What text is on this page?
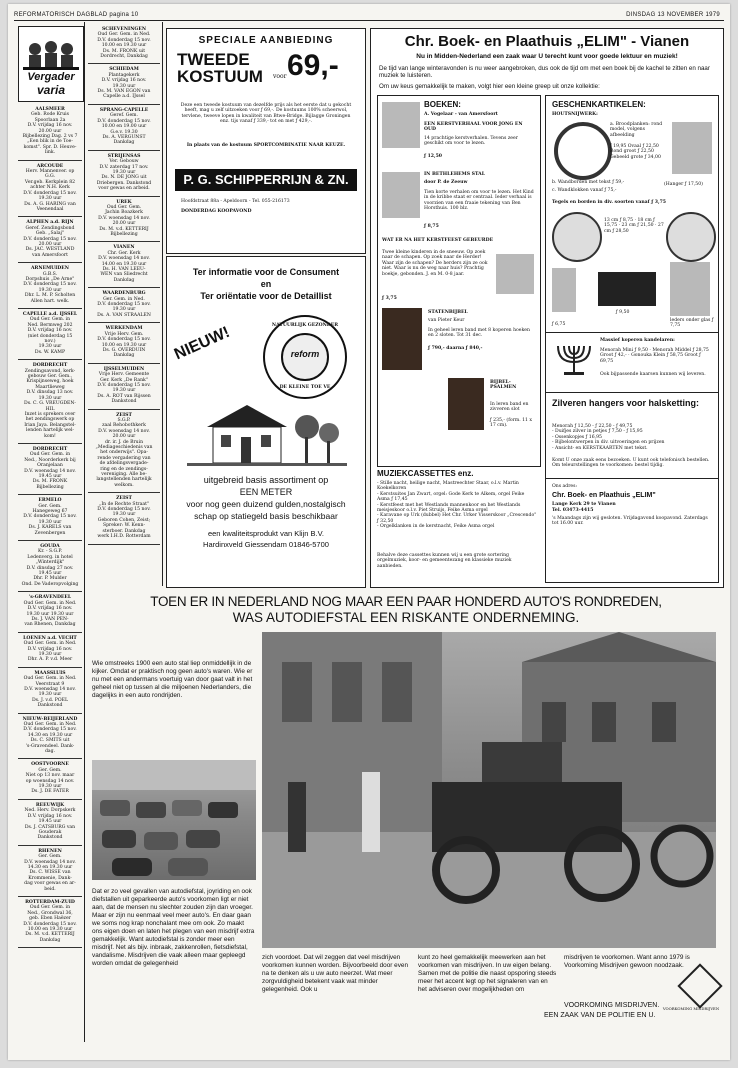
REFORMATORISCH DAGBLAD pagina 10	DINSDAG 13 NOVEMBER 1979
Vergader
varia
AALSMEER
Geb. Rode Kruis
Spoorlaan 2a
D.V. vrijdag 16 nov.
20.00 uur
Bijbellezing Dag. 2 vs 7
„Een blik in de Toe-
komst". Spr. D. Heuve-
link.
ARCOUDE
Herv. Mannenver. op
G.G.
Ver.geb. Kerkplein 82
achter N.H. Kerk
D.V. donderdag 15 nov.
19.30 uur
Ds. A. G. HARING van
Veenendaal
ALPHEN a.d. RIJN
Geref. Zendingsbond
Geb. „Salaj"
D.V. donderdag 15 nov.
20.00 uur
Ds. JAC. WESTLAND
van Amersfoort
ARNEMUIDEN
G.B.S.
Dorpshuis „De Arne"
D.V. donderdag 15 nov.
19.30 uur
Dhr. L. M. P. Scholten
Allen hart. welk.
CAPELLE a.d. IJSSEL
Oud Ger. Gem. in
Ned. Bermweg 202
D.V. vrijdag 16 nov.
(niet donderdag 15
nov.)
19.30 uur
Ds. W. KAMP
DORDRECHT
Zendingsavond, kerk-
gebouw Ger. Gem.,
Krispijnseweg, hoek
Maartlieweg
D.V. dinsdag 13 nov.
19.30 uur
Ds. C. G. VREUGDEN-
HIL
Inzet is sprekers over
het zendingswerk op
Irian Jaya. Belangstel-
lenden hartelijk wel-
kom!
DORDRECHT
Oud Ger. Gem. in
Ned., Noorderkerk bij
Oranjelaan
D.V. woensdag 14 nov.
19.45 uur
Ds. M. FRONK
Bijbellezing
ERMELO
Ger. Gem.
Hanegeweg 67
D.V. donderdag 15 nov.
19.30 uur
Ds. J. KARELS van
Zevenbergen
GOUDA
Kr. - S.G.P.
Ledenverg. in hotel
„Winterdijk"
D.V. dinsdag 27 nov.
19.45 uur
Dhr. P. Mulder
Ond. De Vaderopvolging
's-GRAVENDEEL
Oud Ger. Gem. in Ned.
D.V. vrijdag 16 nov.
19.30 uur 19.30 uur
Ds. J. VAN PEN-
van Rhenen, Dankdag
LOENEN a.d. VECHT
Oud Ger. Gem. in Ned.
D.V. vrijdag 16 nov.
19.30 uur
Dhr. A. P. v.d. Meer
MAASSLUIS
Oud Ger. Gem. in Ned.
Veerstraat 9
D.V. woensdag 14 nov.
19.30 uur
Ds. J. v.d. POEL
Dankstond
NIEUW-BEIJERLAND
Oud Ger. Gem. in Ned.
D.V. donderdag 15 nov.
14.30 en 19.30 uur
Ds. C. SMITS uit
's-Gravendeel. Dank-
dag.
OOSTVOORNE
Ger. Gem.
Niet op 13 nov. maar
op woensdag 14 nov.
19.30 uur
Ds. J. DE FATER
REEUWIJK
Ned. Herv. Dorpskerk
D.V. vrijdag 16 nov.
19.45 uur
Ds. J. CATSBURG van
Gouderak
Dankstond
RHENEN
Ger. Gem.
D.V. woensdag 14 nov.
14.30 en 19.30 uur
Ds. C. WISSE van
Krommenie, Dank-
dag voor gewas en ar-
beid.
ROTTERDAM-ZUID
Oud Ger. Gem. in
Ned., Grondwal 36,
geb. Eben Haëzer
D.V. donderdag 15 nov.
10.00 en 19.30 uur
Ds. M. v.d. KETTERIJ
Dankdag
SCHEVENINGEN
Oud Ger. Gem. in Ned.
D.V. donderdag 15 nov.
10.00 en 19.30 uur
Ds. M. FRONK uit
Dordrecht, Dankdag
SCHIEDAM
Plantagekerk
D.V. vrijdag 16 nov.
19.30 uur
Ds. M. VAN EGON van
Capelle a.d. IJssel
SPRANG-CAPELLE
Geref. Gem.
D.V. donderdag 15 nov.
10.00 en 19.00 uur
G.e.v. 19.30
Ds. A. VERGUNST
Dankdag
STRIJENSAS
Ver. Gebouw
D.V. zaterdag 17 nov.
19.30 uur
Ds. N. DE JONG uit
Driebergen. Dankstond
voor gewas en arbeid.
UREK
Oud Ger. Gem.
Jachin Boazkerk
D.V. woensdag 14 nov.
20.00 uur
Ds. M. v.d. KETTERIJ
Bijbellezing
VIANEN
Chr. Ger. Kerk
D.V. woensdag 14 nov.
14.00 en 19.30 uur
Ds. H. VAN LEEU-
WEN van Sliedrecht
Dankdag
WAARDENBURG
Ger. Gem. in Ned.
D.V. donderdag 15 nov.
19.30 uur
Ds. A. VAN STRAALEN
WERKENDAM
Vrije Herv. Gem.
D.V. donderdag 15 nov.
10.00 en 19.30 uur
Ds. G. OVERDUIN
Dankdag
IJSSELMUIDEN
Vrije Herv. Gemeente
Ger. Kerk „De Rank"
D.V. donderdag 15 nov.
19.30 uur
Ds. A. ROT van Rijssen
Dankstond
ZEIST
S.G.P.
zaal Rehobothkerk
D.V. woensdag 14 nov.
20.00 uur
dr. ir. J. de Bruin
„Mediageschiedenis van
het onderwijs". Opa-
rende vergadering van
de afdelingsvergade-
ring en de zendings-
vereniging. Alle be-
langstellenden hartelijk
welkom.
ZEIST
„In de Rechte Straat"
D.V. donderdag 15 nov.
19.30 uur
Geboren Cohen, Zeist;
Spreker: W. Kenn-
sterboer. Dankdag
werk I.H.D. Rotterdam
SPECIALE AANBIEDING
TWEEDE KOSTUUM	voor 69,-
Deze een tweede kostuum van dezelfde prijs als het eerste dat u gekocht heeft, mag u zelf uitzoeken voor ƒ 69,-. De kostuums 100% scheerwol, tervlene, tweeve lopen in kwaliteit van Btwe-Bridge. Bijlagge Groningen enz. tijs vanaf ƒ 339,- tot en met ƒ 429,-.
In plaats van de kostuum SPORTCOMBINATIE NAAR KEUZE.
P. G. SCHIPPERRIJN & ZN.
Hoofdstraat 88a - Apeldoorn - Tel. 055-216173
DONDERDAG KOOPAVOND
Ter informatie voor de Consument
en
Ter oriëntatie voor de Detaillist
NIEUW!	NATUURLIJK GEZONDER
reform
DE KLEINE TOE VE
uitgebreid basis assortiment op
EEN METER
voor nog geen duizend gulden,nostalgisch
schap op statiegeld basis beschikbaar
een kwaliteitsprodukt van Klijn B.V.
Hardinxveld Giessendam 01846-5700
Chr. Boek- en Plaathuis „ELIM" - Vianen
Nu in Midden-Nederland een zaak waar U terecht kunt voor goede lektuur en muziek!
De tijd van lange winteravonden is nu weer aangebroken, dus ook de tijd om met een boek bij de kachel te zitten en naar muziek te luisteren.
Om uw keus gemakkelijk te maken, volgt hier een kleine greep uit onze kollektie:
BOEKEN:
A. Vogelaar - van Amersfoort
EEN KERSTVERHAAL VOOR JONG EN OUD
14 prachtige kerstverhalen. Tevens zeer geschikt om voor te lezen.
ƒ 12,50
IN BETHLEHEMS STAL
door P. de Zeeuw
Tien korte verhalen om voor te lezen. Het Kind in de kribbe staat er centraal. Ieder verhaal is voorzien van een fraaie tekening van Ben Horsthuis. 100 blz.
ƒ 8,75
WAT ER NA HET KERSTFEEST GEBEURDE
Twee kleine kinderen in de sneeuw. Op zoek naar de schapen. Op zoek naar de Herder! Waar zijn de schapen? De herders zijn ze ook niet. Waar is nu de weg naar huis? Prachtig boekje, gebonden. J. en M. 0-8 jaar.
ƒ 3,75
STATENBIJBEL
van Pieter Keur
In geheel leren band met 8 koperen hoeken en 2 sloten. Tot 31 dec.
ƒ 790,- daarna ƒ 840,-
BIJBEL-PSALMEN
In leren band en zivveren slot
ƒ 235,- (form. 11 x 17 cm).
MUZIEKCASSETTES enz.
- Stille nacht, heilige nacht, Mastreechter Staar, o.l.v. Martin Koekelkoren
- Kerstsuites Jan Zwart, orgel: Gode Kerk te Alkem, orgel Feike Asma ƒ 17,45
- Kerstfeest met het Westlands mannenkoor en het Westlands meisjeskoor o.l.v. Piet Struijs, Feike Asma orgel
- Karavane op Urk (dubbel) Het Chr. Urker Visserskoor „Crescendo" ƒ 32,50
- Orgelklanken in de kerstnacht, Feike Asma orgel
Behalve deze cassettes kunnen wij u een grote sortering orgelmuziek, koor- en gemeentezang en klassieke muziek aanbieden.
GESCHENKARTIKELEN:
HOUTSNIJWERK:
a. Broodplanken: rond model, volgens afbeelding
ƒ 19,95 Ovaal ƒ 22,50 Rond groot ƒ 22,50 Gebeeld grote ƒ 34,00
b. Wandborden met tekst ƒ 59,-
c. Wandklokken vanaf ƒ 75,-
(Hanger ƒ 17,50)
Tegels en borden in div. soorten vanaf ƒ 3,75
13 cm ƒ 8,75 · 18 cm ƒ 15,75 · 23 cm ƒ 21,50 · 27 cm ƒ 28,50
ƒ 6,75
ƒ 9,50
leders onder glas ƒ 7,75
Massief koperen kandelaren:
Menorah Mini ƒ 9,50 · Menorah Middel ƒ 28,75 Groot ƒ 42,- · Gonouka Klein ƒ 58,75 Groot ƒ 69,75
Ook bijpassende kaarsen kunnen wij leveren.
Zilveren hangers voor halsketting:
Menorah ƒ 12,50 - ƒ 22,50 - ƒ 49,75
- Duifjes zilver in petjes ƒ 7,50 - ƒ 15,95
- Ossenkopjes ƒ 16,95
- Bijbelontwerpen in div. uitvoeringen en prijzen
- Ansicht- en KERSTKAARTEN met tekst.
Komt U onze zaak eens bezoeken. U kunt ook telefonisch bestellen. Om teleurstellingen te voorkomen: bestel tijdig.
Ons adres:
Chr. Boek- en Plaathuis „ELIM"
Lange Kerk 29 te Vianen
Tel. 03473-4415
's Maandags zijn wij gesloten. Vrijdagavond koopavond. Zaterdags tot 16.00 uur.
TOEN ER IN NEDERLAND NOG MAAR EEN PAAR HONDERD AUTO'S RONDREDEN,
WAS AUTODIEFSTAL EEN RISKANTE ONDERNEMING.
Wie omstreeks 1900 een auto stal liep onmiddellijk in de kijker. Omdat er praktisch nog geen auto's waren. Wie er nu met een andermans voertuig van door gaat valt in het geheel niet op tussen al die miljoenen Nederlanders, die dagelijks in een auto rondrijden.
Dat er zo veel gevallen van autodiefstal, joyriding en ook diefstallen uit geparkeerde auto's voorkomen ligt er niet aan, dat de mensen nu slechter zouden zijn dan vroeger. Maar er zijn nu eenmaal veel meer auto's. En daar gaan we soms nog krap nonchalant mee om ook. Zo maakt ons eigen doen en laten het plegen van een misdrijf extra gemakkelijk. Want autodiefstal is zonder meer een misdrijf. Net als bijv. inbraak, zakkenrollen, fietsdiefstal, vandalisme. Misdrijven die vaak alleen maar gepleegd worden omdat de gelegenheid
zich voordoet. Dat wil zeggen dat veel misdrijven voorkomen kunnen worden. Bijvoorbeeld door even na te denken als u uw auto neerzet. Wat meer zorgvuldigheid betekent vaak wat minder gelegenheid. Ook u
kunt zo heel gemakkelijk meewerken aan het voorkomen van misdrijven. In uw eigen belang. Samen met de politie die naast opsporing steeds meer het accent legt op het signaleren van en het adviseren over mogelijkheden om
misdrijven te voorkomen. Want anno 1979 is Voorkoming Misdrijven gewoon noodzaak.
VOORKOMING MISDRIJVEN
VOORKOMING MISDRIJVEN.
EEN ZAAK VAN DE POLITIE EN U.
